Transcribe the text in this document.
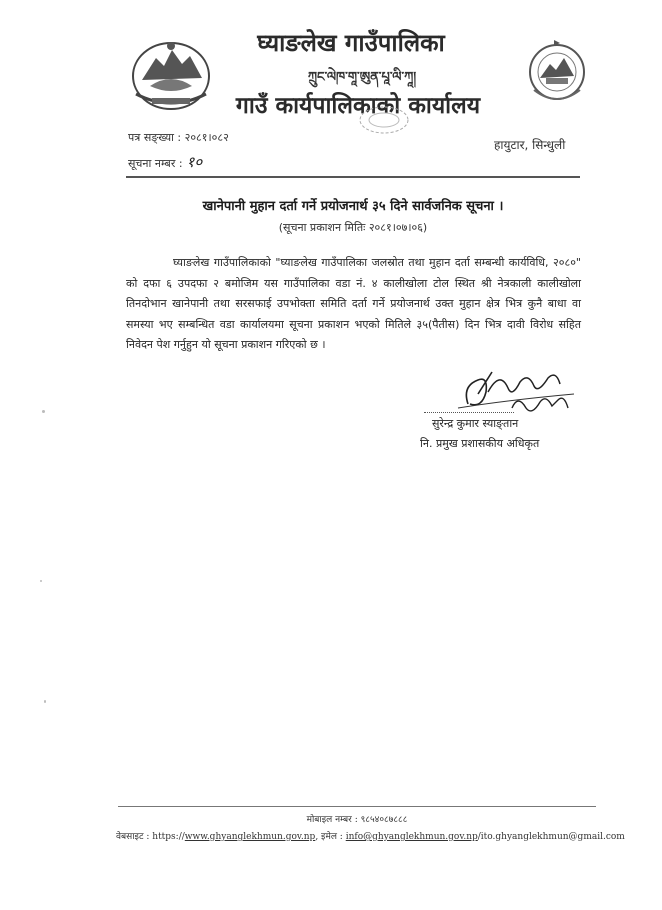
घ्याङलेख गाउँपालिका
ཀྲུང་ལེཁ་གཱ་ཨུན་པཱ་ལི་ཀཱ།
गाउँ कार्यपालिकाको कार्यालय
पत्र सङ्ख्या : २०८१।०८२
सूचना नम्बर : १०
हायुटार, सिन्धुली
खानेपानी मुहान दर्ता गर्ने प्रयोजनार्थ ३५ दिने सार्वजनिक सूचना ।
(सूचना प्रकाशन मितिः २०८१।०७।०६)
घ्याङलेख गाउँपालिकाको "घ्याङलेख गाउँपालिका जलस्रोत तथा मुहान दर्ता सम्बन्धी कार्यविधि, २०८०" को दफा ६ उपदफा २ बमोजिम यस गाउँपालिका वडा नं. ४ कालीखोला टोल स्थित श्री नेत्रकाली कालीखोला तिनदोभान खानेपानी तथा सरसफाई उपभोक्ता समिति दर्ता गर्ने प्रयोजनार्थ उक्त मुहान क्षेत्र भित्र कुनै बाधा वा समस्या भए सम्बन्धित वडा कार्यालयमा सूचना प्रकाशन भएको मितिले ३५(पैतीस) दिन भित्र दावी विरोध सहित निवेदन पेश गर्नुहुन यो सूचना प्रकाशन गरिएको छ ।
सुरेन्द्र कुमार स्याङ्तान
नि. प्रमुख प्रशासकीय अधिकृत
मोबाइल नम्बर : ९८५४०८७८८८
वेबसाइट : https://www.ghyanglekhmun.gov.np, इमेल : info@ghyanglekhmun.gov.np/ito.ghyanglekhmun@gmail.com
